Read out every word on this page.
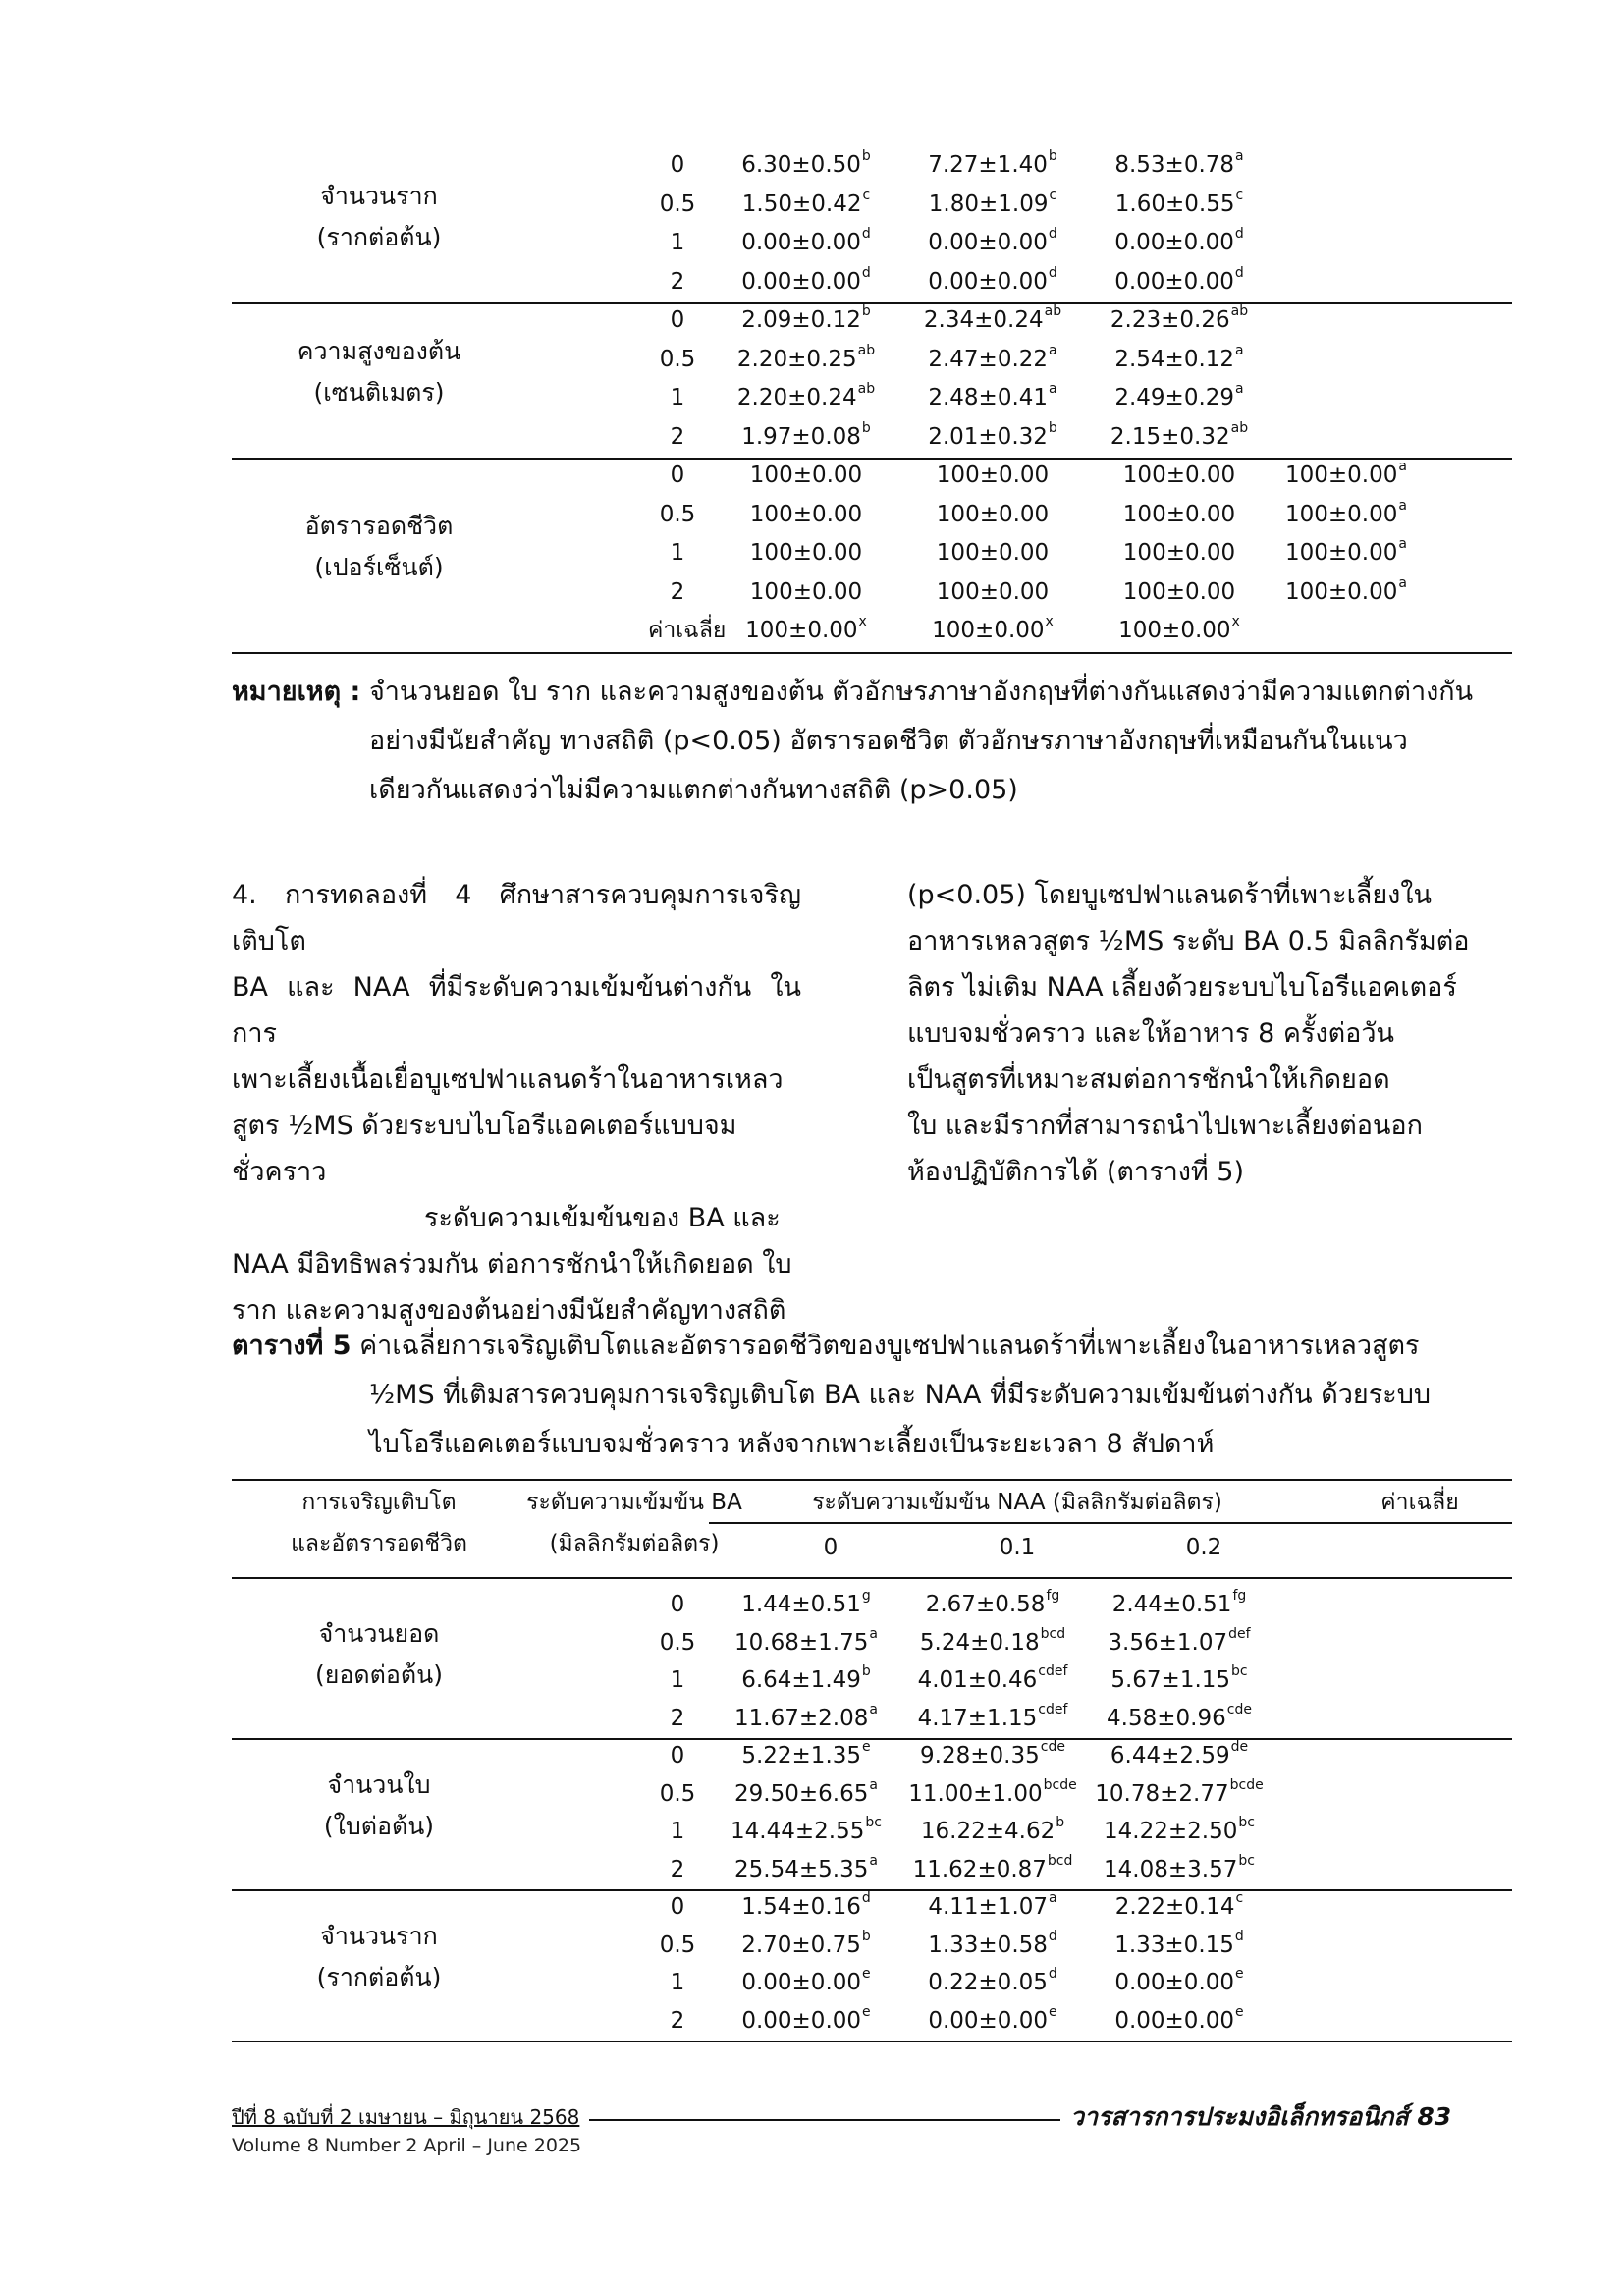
0	6.30±0.50$^b$	7.27±1.40$^b$	8.53±0.78$^a$
0.5	1.50±0.42$^c$	1.80±1.09$^c$	1.60±0.55$^c$
1	0.00±0.00$^d$	0.00±0.00$^d$	0.00±0.00$^d$
2	0.00±0.00$^d$	0.00±0.00$^d$	0.00±0.00$^d$
จำนวนราก
(รากต่อต้น)
0	2.09±0.12$^b$	2.34±0.24$^{ab}$	2.23±0.26$^{ab}$
0.5	2.20±0.25$^{ab}$	2.47±0.22$^a$	2.54±0.12$^a$
1	2.20±0.24$^{ab}$	2.48±0.41$^a$	2.49±0.29$^a$
2	1.97±0.08$^b$	2.01±0.32$^b$	2.15±0.32$^{ab}$
ความสูงของต้น
(เซนติเมตร)
0	100±0.00	100±0.00	100±0.00	100±0.00$^a$
0.5	100±0.00	100±0.00	100±0.00	100±0.00$^a$
1	100±0.00	100±0.00	100±0.00	100±0.00$^a$
2	100±0.00	100±0.00	100±0.00	100±0.00$^a$
ค่าเฉลี่ย $100\pm 0.00^x$	$100\pm 0.00^x$	$100\pm 0.00^x$
อัตรารอดชีวิต
(เปอร์เซ็นต์)
หมายเหตุ : จำนวนยอด ใบ ราก และความสูงของต้น ตัวอักษรภาษาอังกฤษที่ต่างกันแสดงว่ามีความแตกต่างกัน
อย่างมีนัยสำคัญ ทางสถิติ (p<0.05) อัตรารอดชีวิต ตัวอักษรภาษาอังกฤษที่เหมือนกันในแนว
เดียวกันแสดงว่าไม่มีความแตกต่างกันทางสถิติ (p>0.05)
4. การทดลองที่ 4 ศึกษาสารควบคุมการเจริญเติบโต
BA และ NAA ที่มีระดับความเข้มข้นต่างกัน ในการ
เพาะเลี้ยงเนื้อเยื่อบูเซปฟาแลนดร้าในอาหารเหลว
สูตร ½MS ด้วยระบบไบโอรีแอคเตอร์แบบจม
ชั่วคราว
ระดับความเข้มข้นของ BA และ
NAA มีอิทธิพลร่วมกัน ต่อการชักนำให้เกิดยอด ใบ
ราก และความสูงของต้นอย่างมีนัยสำคัญทางสถิติ
(p<0.05) โดยบูเซปฟาแลนดร้าที่เพาะเลี้ยงใน
อาหารเหลวสูตร ½MS ระดับ BA 0.5 มิลลิกรัมต่อ
ลิตร ไม่เติม NAA เลี้ยงด้วยระบบไบโอรีแอคเตอร์
แบบจมชั่วคราว และให้อาหาร 8 ครั้งต่อวัน
เป็นสูตรที่เหมาะสมต่อการชักนำให้เกิดยอด
ใบ และมีรากที่สามารถนำไปเพาะเลี้ยงต่อนอก
ห้องปฏิบัติการได้ (ตารางที่ 5)
ตารางที่ 5 ค่าเฉลี่ยการเจริญเติบโตและอัตรารอดชีวิตของบูเซปฟาแลนดร้าที่เพาะเลี้ยงในอาหารเหลวสูตร
½MS ที่เติมสารควบคุมการเจริญเติบโต BA และ NAA ที่มีระดับความเข้มข้นต่างกัน ด้วยระบบ
ไบโอรีแอคเตอร์แบบจมชั่วคราว หลังจากเพาะเลี้ยงเป็นระยะเวลา 8 สัปดาห์
การเจริญเติบโต
และอัตรารอดชีวิต
ระดับความเข้มข้น BA
(มิลลิกรัมต่อลิตร)
ระดับความเข้มข้น NAA (มิลลิกรัมต่อลิตร)	ค่าเฉลี่ย
0	0.1	0.2
0	1.44±0.51$^g$	2.67±0.58$^{fg}$	2.44±0.51$^{fg}$
0.5	10.68±1.75$^a$	5.24±0.18$^{bcd}$	3.56±1.07$^{def}$
1	6.64±1.49$^b$	$4.01\pm 0.46^{cdef}$	5.67±1.15$^{bc}$
2	11.67±2.08$^a$	$4.17\pm 1.15^{cdef}$	4.58±0.96$^{cde}$
จำนวนยอด
(ยอดต่อต้น)
0	5.22±1.35$^e$	9.28±0.35$^{cde}$	6.44±2.59de
0.5	29.50±6.65$^a$	$11.00\pm 1.00^{bcde}$ $10.78\pm 2.77^{bcde}$
1	14.44±2.55$^{bc}$	16.22±4.62$^b$	14.22±2.50$^{bc}$
2	25.54±5.35$^a$	11.62±0.87$^{bcd}$	14.08±3.57$^{bc}$
จำนวนใบ
(ใบต่อต้น)
0	1.54±0.16$^d$	4.11±1.07$^a$	2.22±0.14$^c$
0.5	2.70±0.75$^b$	1.33±0.58$^d$	1.33±0.15$^d$
1	0.00±0.00$^e$	0.22±0.05$^d$	0.00±0.00$^e$
2	0.00±0.00$^e$	0.00±0.00$^e$	0.00±0.00$^e$
จำนวนราก
(รากต่อต้น)
ปีที่ 8 ฉบับที่ 2 เมษายน – มิถุนายน 2568	วารสารการประมงอิเล็กทรอนิกส์ 83
Volume 8 Number 2 April – June 2025
